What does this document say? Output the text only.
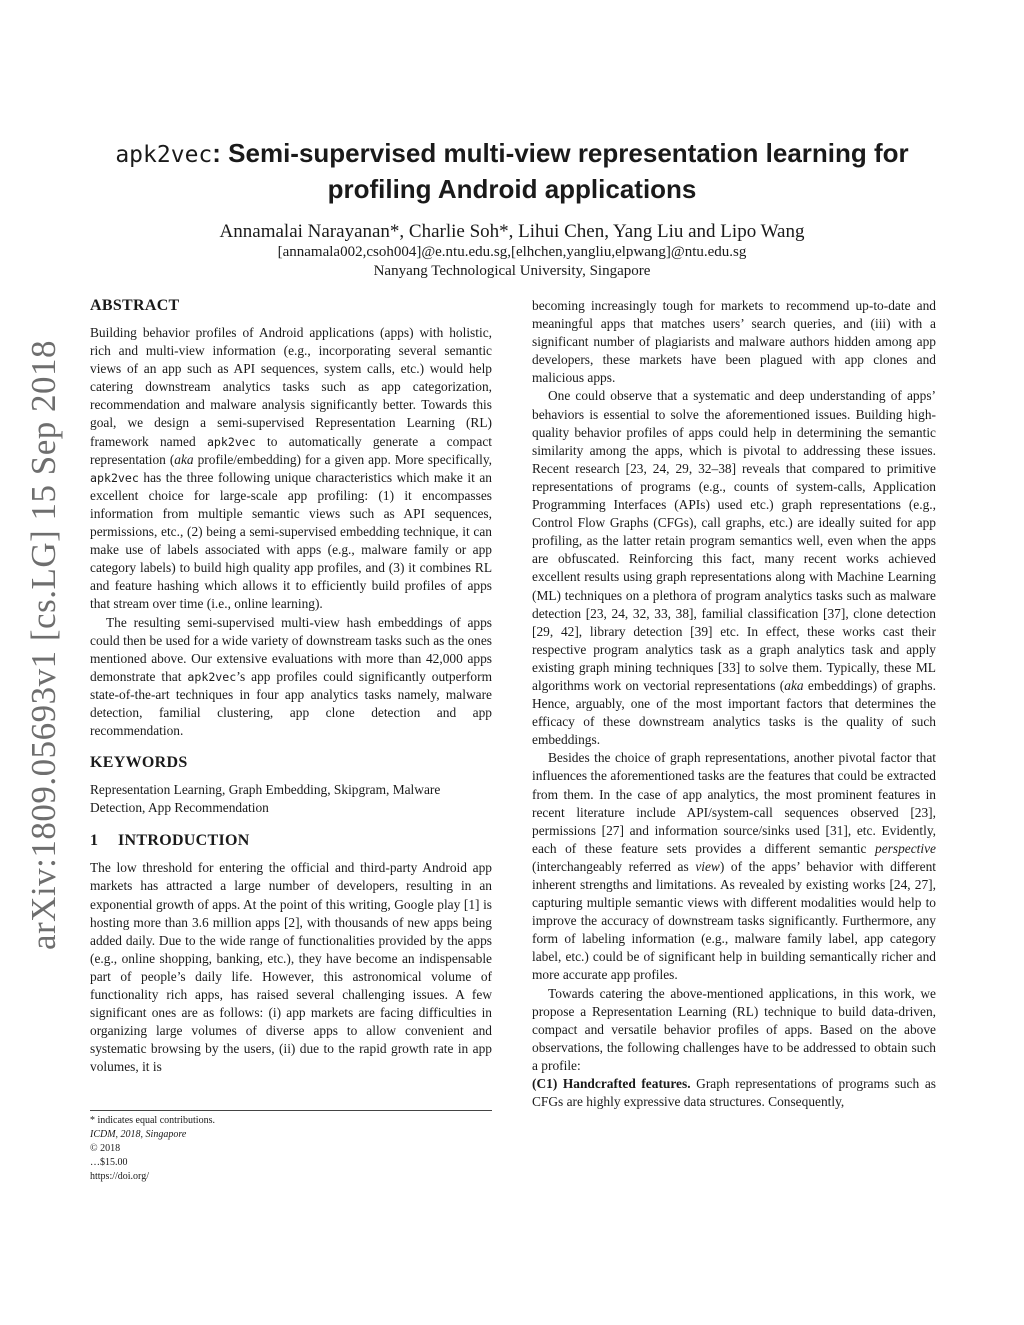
arXiv:1809.05693v1 [cs.LG] 15 Sep 2018
apk2vec: Semi-supervised multi-view representation learning for
profiling Android applications
Annamalai Narayanan*, Charlie Soh*, Lihui Chen, Yang Liu and Lipo Wang
[annamala002,csoh004]@e.ntu.edu.sg,[elhchen,yangliu,elpwang]@ntu.edu.sg
Nanyang Technological University, Singapore
ABSTRACT

Building behavior profiles of Android applications (apps) with holistic, rich and multi-view information (e.g., incorporating several semantic views of an app such as API sequences, system calls, etc.) would help catering downstream analytics tasks such as app categorization, recommendation and malware analysis significantly better. Towards this goal, we design a semi-supervised Representation Learning (RL) framework named apk2vec to automatically generate a compact representation (aka profile/embedding) for a given app. More specifically, apk2vec has the three following unique characteristics which make it an excellent choice for large-scale app profiling: (1) it encompasses information from multiple semantic views such as API sequences, permissions, etc., (2) being a semi-supervised embedding technique, it can make use of labels associated with apps (e.g., malware family or app category labels) to build high quality app profiles, and (3) it combines RL and feature hashing which allows it to efficiently build profiles of apps that stream over time (i.e., online learning).

The resulting semi-supervised multi-view hash embeddings of apps could then be used for a wide variety of downstream tasks such as the ones mentioned above. Our extensive evaluations with more than 42,000 apps demonstrate that apk2vec’s app profiles could significantly outperform state-of-the-art techniques in four app analytics tasks namely, malware detection, familial clustering, app clone detection and app recommendation.

KEYWORDS

Representation Learning, Graph Embedding, Skipgram, Malware Detection, App Recommendation

1 INTRODUCTION

The low threshold for entering the official and third-party Android app markets has attracted a large number of developers, resulting in an exponential growth of apps. At the point of this writing, Google play [1] is hosting more than 3.6 million apps [2], with thousands of new apps being added daily. Due to the wide range of functionalities provided by the apps (e.g., online shopping, banking, etc.), they have become an indispensable part of people’s daily life. However, this astronomical volume of functionality rich apps, has raised several challenging issues. A few significant ones are as follows: (i) app markets are facing difficulties in organizing large volumes of diverse apps to allow convenient and systematic browsing by the users, (ii) due to the rapid growth rate in app volumes, it is

* indicates equal contributions.
ICDM, 2018, Singapore
© 2018
…$15.00
https://doi.org/

becoming increasingly tough for markets to recommend up-to-date and meaningful apps that matches users’ search queries, and (iii) with a significant number of plagiarists and malware authors hidden among app developers, these markets have been plagued with app clones and malicious apps.

One could observe that a systematic and deep understanding of apps’ behaviors is essential to solve the aforementioned issues. Building high-quality behavior profiles of apps could help in determining the semantic similarity among the apps, which is pivotal to addressing these issues. Recent research [23, 24, 29, 32–38] reveals that compared to primitive representations of programs (e.g., counts of system-calls, Application Programming Interfaces (APIs) used etc.) graph representations (e.g., Control Flow Graphs (CFGs), call graphs, etc.) are ideally suited for app profiling, as the latter retain program semantics well, even when the apps are obfuscated. Reinforcing this fact, many recent works achieved excellent results using graph representations along with Machine Learning (ML) techniques on a plethora of program analytics tasks such as malware detection [23, 24, 32, 33, 38], familial classification [37], clone detection [29, 42], library detection [39] etc. In effect, these works cast their respective program analytics task as a graph analytics task and apply existing graph mining techniques [33] to solve them. Typically, these ML algorithms work on vectorial representations (aka embeddings) of graphs. Hence, arguably, one of the most important factors that determines the efficacy of these downstream analytics tasks is the quality of such embeddings.

Besides the choice of graph representations, another pivotal factor that influences the aforementioned tasks are the features that could be extracted from them. In the case of app analytics, the most prominent features in recent literature include API/system-call sequences observed [23], permissions [27] and information source/sinks used [31], etc. Evidently, each of these feature sets provides a different semantic perspective (interchangeably referred as view) of the apps’ behavior with different inherent strengths and limitations. As revealed by existing works [24, 27], capturing multiple semantic views with different modalities would help to improve the accuracy of downstream tasks significantly. Furthermore, any form of labeling information (e.g., malware family label, app category label, etc.) could be of significant help in building semantically richer and more accurate app profiles.

Towards catering the above-mentioned applications, in this work, we propose a Representation Learning (RL) technique to build data-driven, compact and versatile behavior profiles of apps. Based on the above observations, the following challenges have to be addressed to obtain such a profile:

(C1) Handcrafted features. Graph representations of programs such as CFGs are highly expressive data structures. Consequently,
